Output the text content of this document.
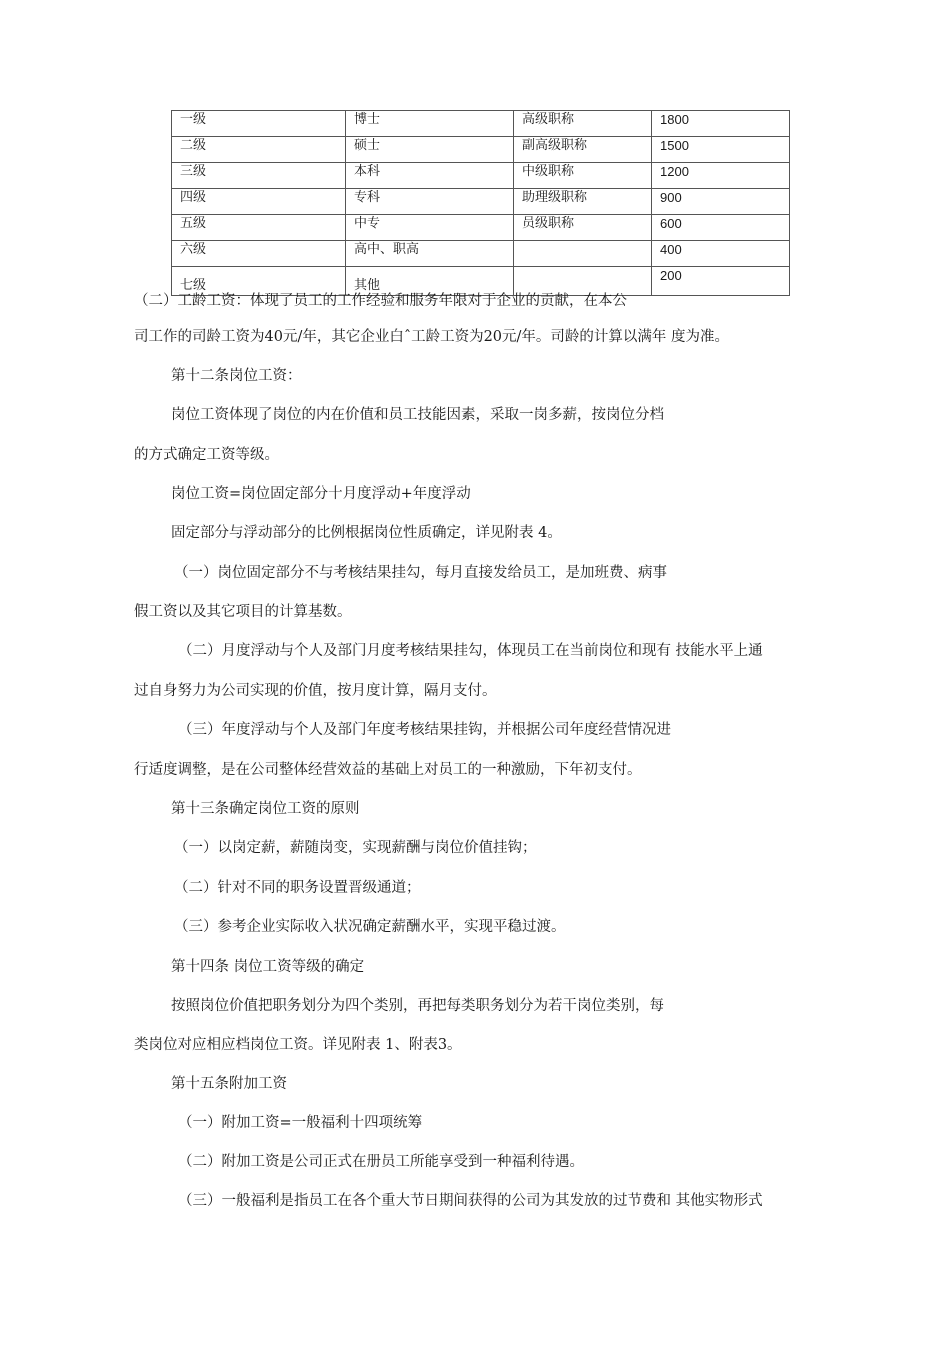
一级	博士	高级职称	1800
二级	硕士	副高级职称	1500
三级	本科	中级职称	1200
四级	专科	助理级职称	900
五级	中专	员级职称	600
六级	高中、职高		400
七级	其他		200
（二）工龄工资：体现了员工的工作经验和服务年限对于企业的贡献，在本公
司工作的司龄工资为40元/年，其它企业白ˆ工龄工资为20元/年。司龄的计算以满年 度为准。
第十二条岗位工资：
岗位工资体现了岗位的内在价值和员工技能因素，采取一岗多薪，按岗位分档
的方式确定工资等级。
岗位工资=岗位固定部分十月度浮动+年度浮动
固定部分与浮动部分的比例根据岗位性质确定，详见附表 4。
（一）岗位固定部分不与考核结果挂勾，每月直接发给员工，是加班费、病事
假工资以及其它项目的计算基数。
（二）月度浮动与个人及部门月度考核结果挂勾，体现员工在当前岗位和现有 技能水平上通
过自身努力为公司实现的价值，按月度计算，隔月支付。
（三）年度浮动与个人及部门年度考核结果挂钩，并根据公司年度经营情况进
行适度调整，是在公司整体经营效益的基础上对员工的一种激励，下年初支付。
第十三条确定岗位工资的原则
（一）以岗定薪，薪随岗变，实现薪酬与岗位价值挂钩；
（二）针对不同的职务设置晋级通道；
（三）参考企业实际收入状况确定薪酬水平，实现平稳过渡。
第十四条 岗位工资等级的确定
按照岗位价值把职务划分为四个类别，再把每类职务划分为若干岗位类别，每
类岗位对应相应档岗位工资。详见附表 1、附表3。
第十五条附加工资
（一）附加工资=一般福利十四项统筹
（二）附加工资是公司正式在册员工所能享受到一种福利待遇。
（三）一般福利是指员工在各个重大节日期间获得的公司为其发放的过节费和 其他实物形式
